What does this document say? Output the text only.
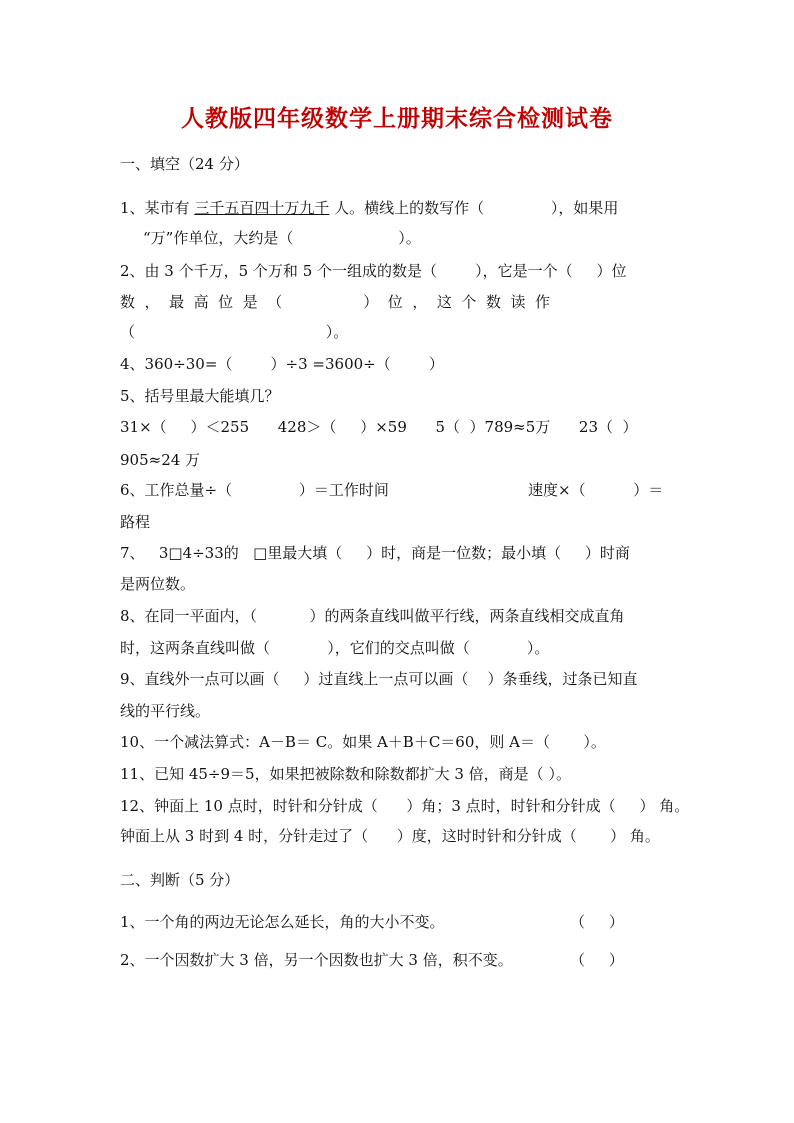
人教版四年级数学上册期末综合检测试卷
一、填空（24 分）
1、某市有 三千五百四十万九千 人。横线上的数写作（              ），如果用
“万”作单位，大约是（                      ）。
2、由 3 个千万，5 个万和 5 个一组成的数是（        ），它是一个（     ）位
数  ，  最  高  位  是  （                 ）  位  ，  这  个  数  读  作
（                                        ）。
4、360÷30=（        ）÷3 =3600÷（        ）
5、括号里最大能填几？
31×（     ）＜255      428＞（     ）×59      5（  ）789≈5万      23（  ）
905≈24 万
6、工作总量÷（              ）＝工作时间	速度×（          ）＝
路程
7、   3□4÷33的   □里最大填（     ）时，商是一位数；最小填（     ）时商
是两位数。
8、在同一平面内，（           ）的两条直线叫做平行线，两条直线相交成直角
时，这两条直线叫做（            ），它们的交点叫做（            ）。
9、直线外一点可以画（     ）过直线上一点可以画（    ）条垂线，过条已知直
线的平行线。
10、一个减法算式：A－B＝ C。如果 A＋B＋C＝60，则 A＝（       ）。
11、已知 45÷9＝5，如果把被除数和除数都扩大 3 倍，商是（ ）。
12、钟面上 10 点时，时针和分针成（      ）角；3 点时，时针和分针成（     ） 角。
钟面上从 3 时到 4 时，分针走过了（      ）度，这时时针和分针成（       ） 角。
二、判断（5 分）
1、一个角的两边无论怎么延长，角的大小不变。	（     ）
2、一个因数扩大 3 倍，另一个因数也扩大 3 倍，积不变。	（     ）
